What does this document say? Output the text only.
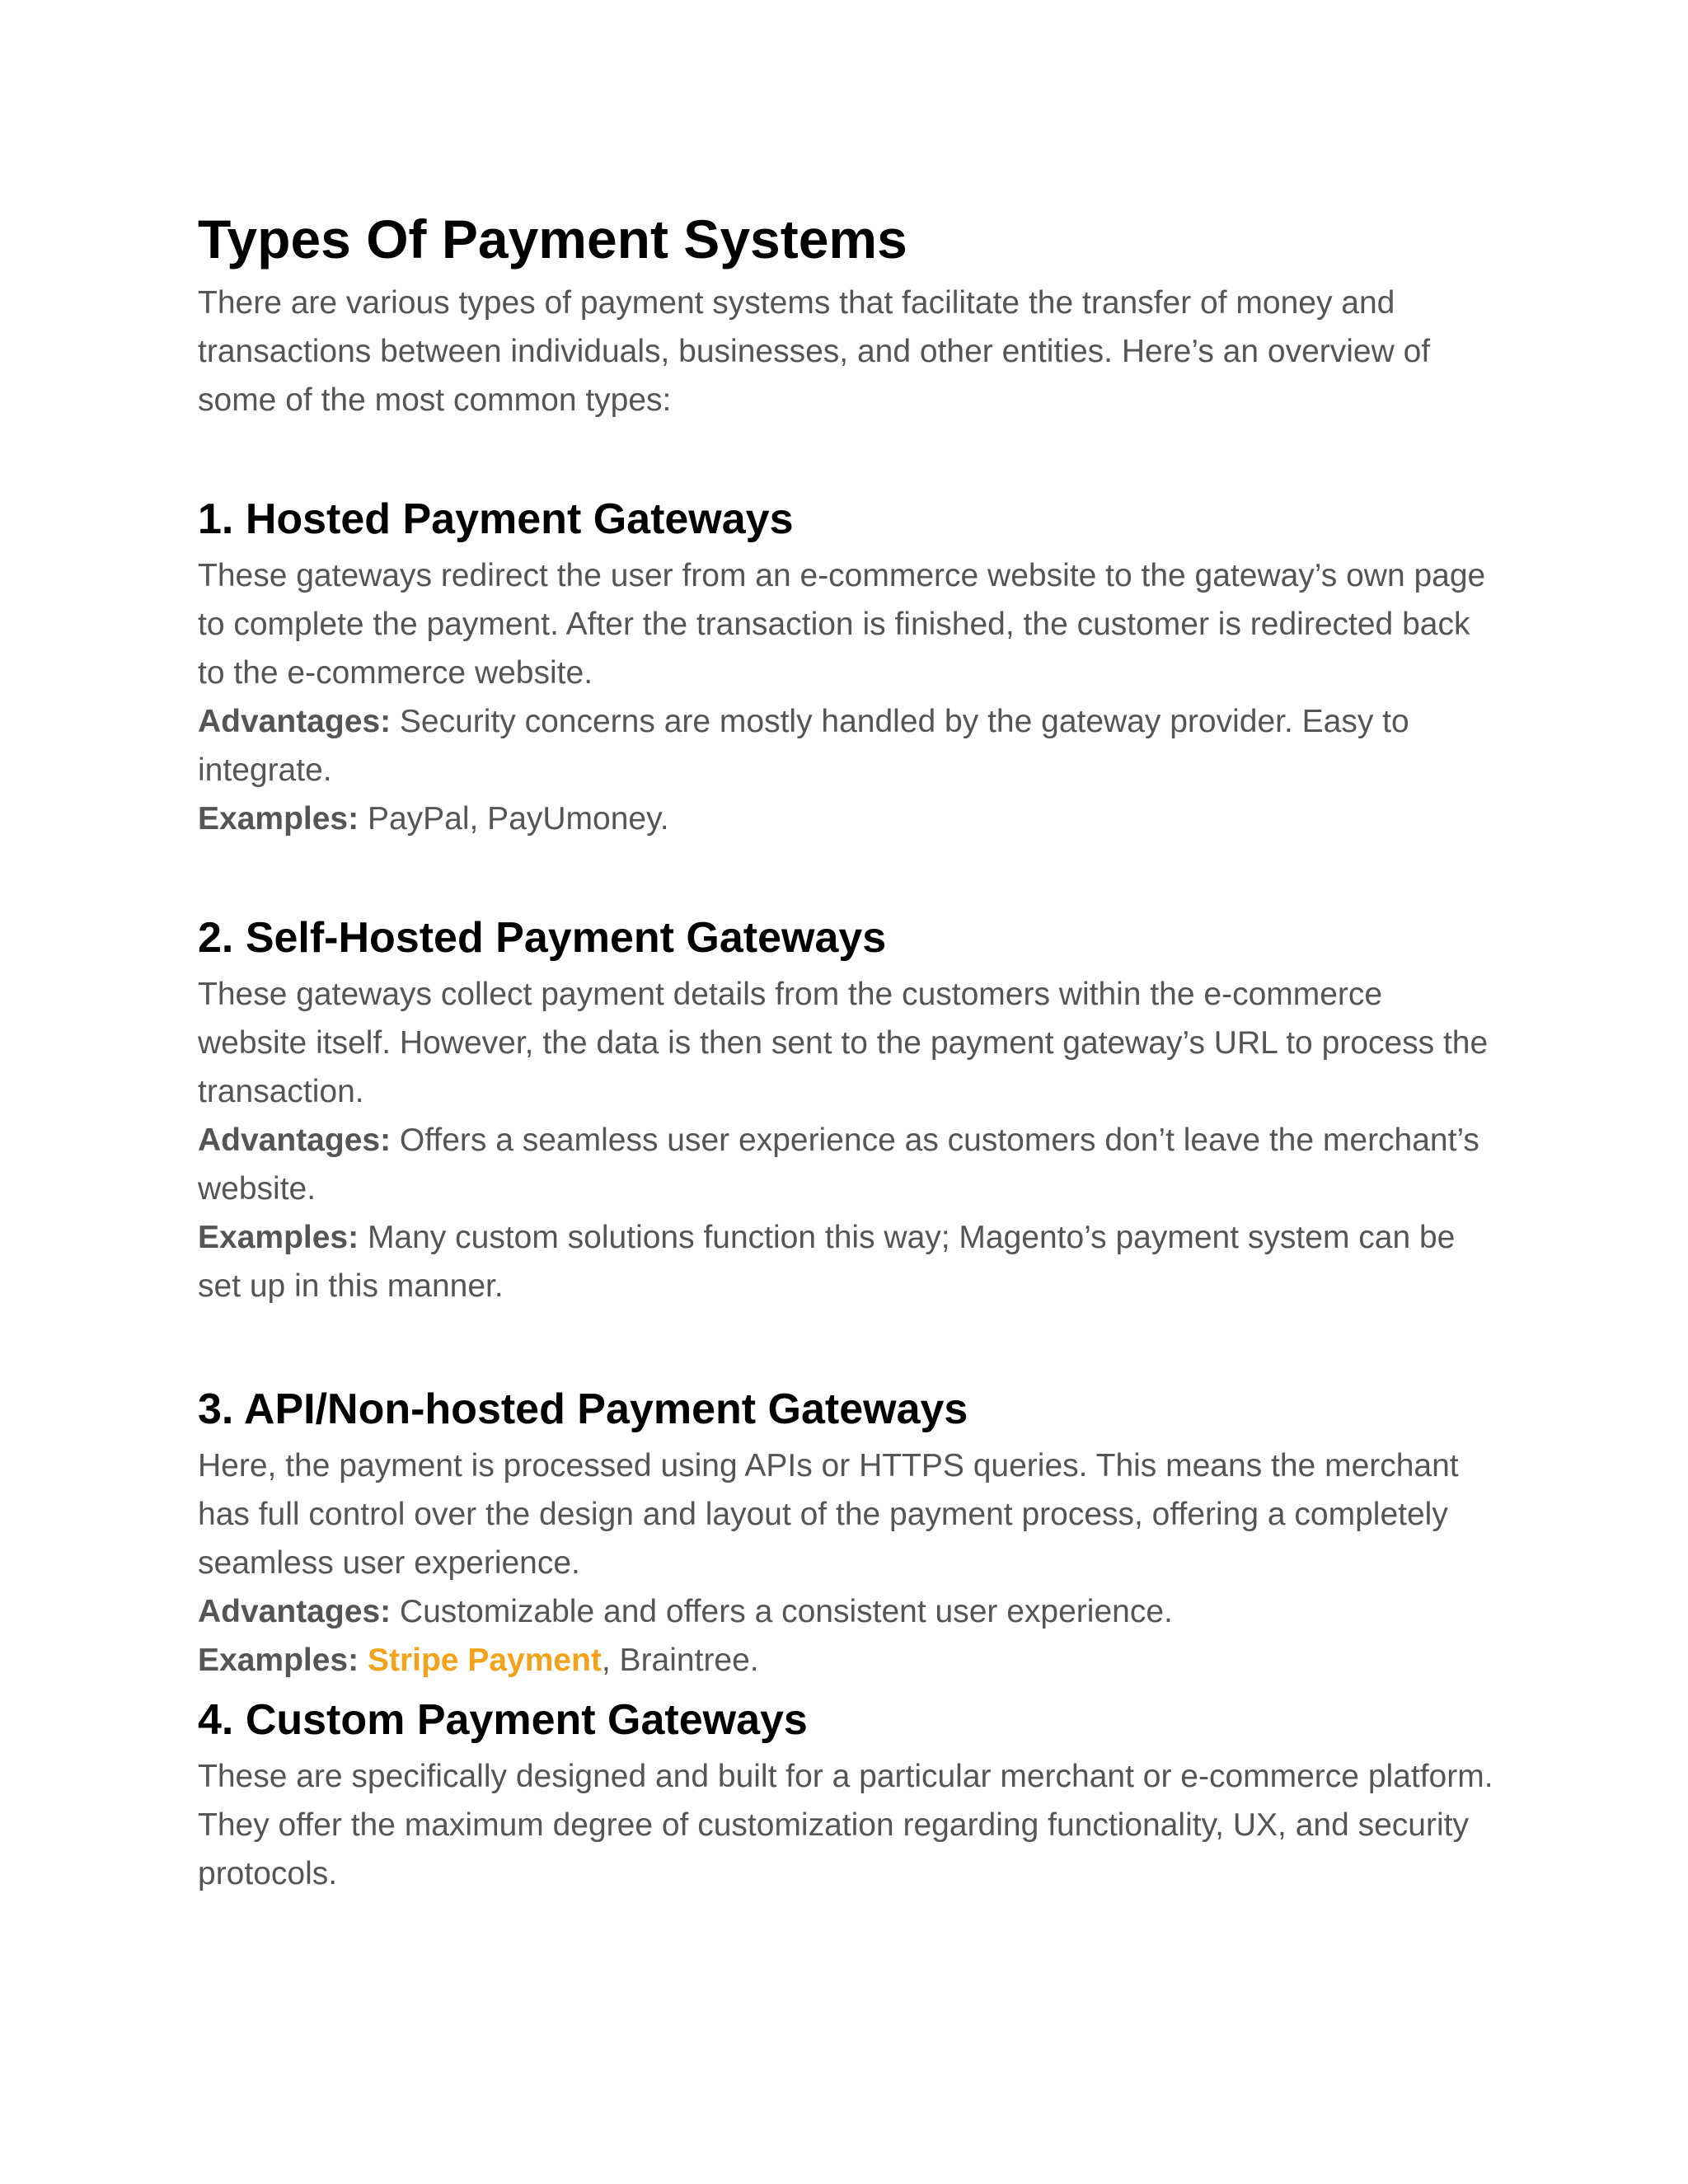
Types Of Payment Systems

There are various types of payment systems that facilitate the transfer of money and transactions between individuals, businesses, and other entities. Here’s an overview of some of the most common types:

1. Hosted Payment Gateways

These gateways redirect the user from an e-commerce website to the gateway’s own page to complete the payment. After the transaction is finished, the customer is redirected back to the e-commerce website.

Advantages: Security concerns are mostly handled by the gateway provider. Easy to integrate.

Examples: PayPal, PayUmoney.

2. Self-Hosted Payment Gateways

These gateways collect payment details from the customers within the e-commerce website itself. However, the data is then sent to the payment gateway’s URL to process the transaction.

Advantages: Offers a seamless user experience as customers don’t leave the merchant’s website.

Examples: Many custom solutions function this way; Magento’s payment system can be set up in this manner.

3. API/Non-hosted Payment Gateways

Here, the payment is processed using APIs or HTTPS queries. This means the merchant has full control over the design and layout of the payment process, offering a completely seamless user experience.

Advantages: Customizable and offers a consistent user experience.

Examples: Stripe Payment, Braintree.

4. Custom Payment Gateways

These are specifically designed and built for a particular merchant or e-commerce platform. They offer the maximum degree of customization regarding functionality, UX, and security protocols.
